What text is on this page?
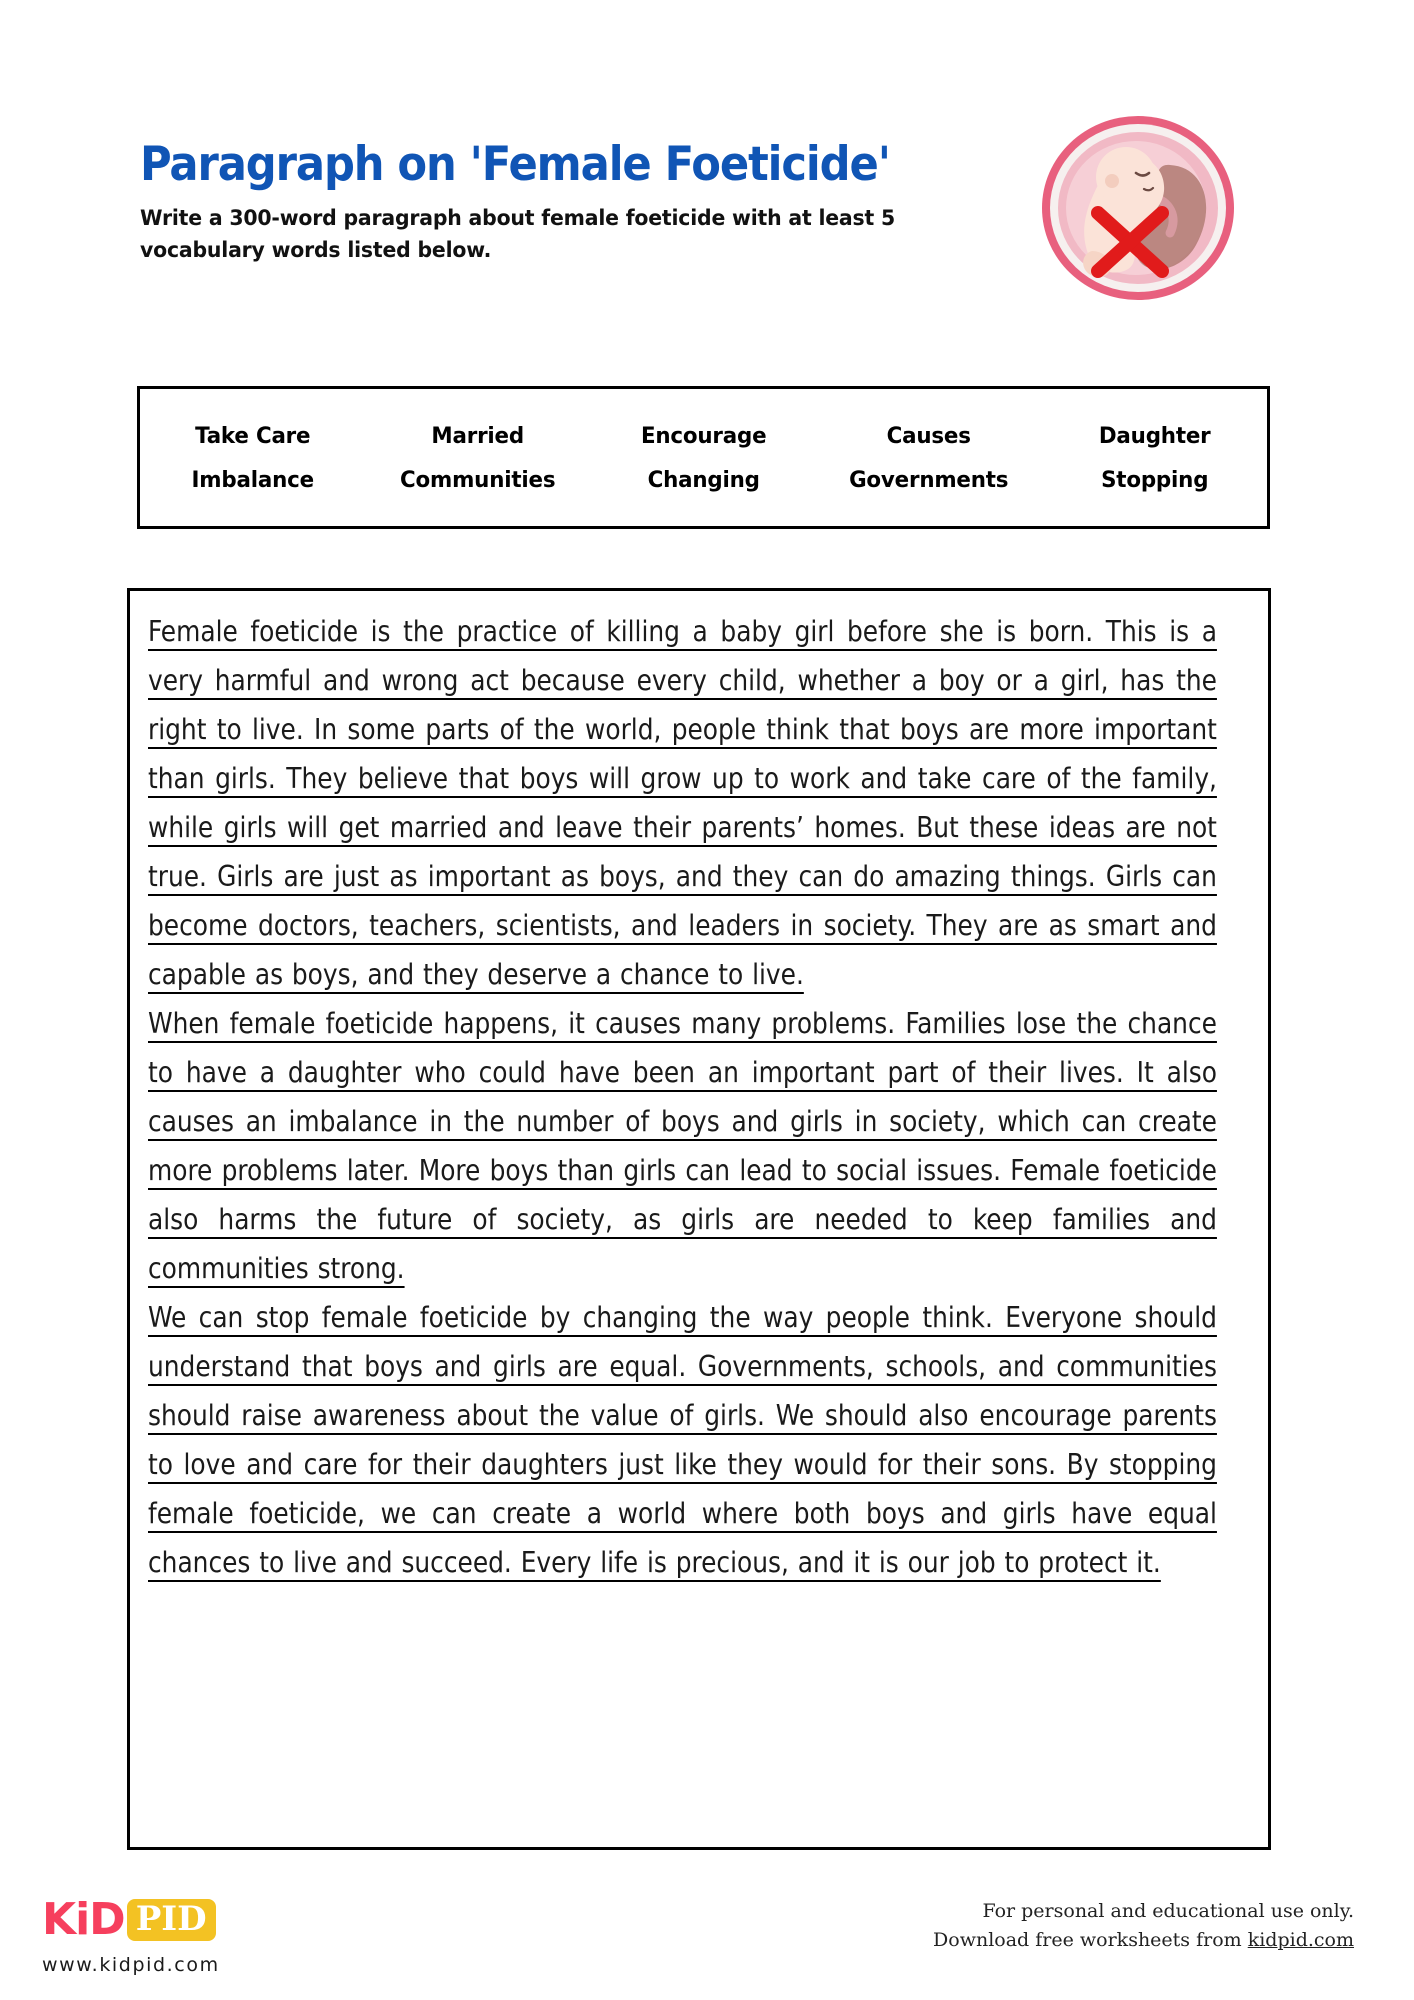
Paragraph on 'Female Foeticide'

Write a 300-word paragraph about female foeticide with at least 5 vocabulary words listed below.

Take Care	Married	Encourage	Causes	Daughter
Imbalance	Communities	Changing	Governments	Stopping

Female foeticide is the practice of killing a baby girl before she is born. This is a very harmful and wrong act because every child, whether a boy or a girl, has the right to live. In some parts of the world, people think that boys are more important than girls. They believe that boys will grow up to work and take care of the family, while girls will get married and leave their parents’ homes. But these ideas are not true. Girls are just as important as boys, and they can do amazing things. Girls can become doctors, teachers, scientists, and leaders in society. They are as smart and capable as boys, and they deserve a chance to live.

When female foeticide happens, it causes many problems. Families lose the chance to have a daughter who could have been an important part of their lives. It also causes an imbalance in the number of boys and girls in society, which can create more problems later. More boys than girls can lead to social issues. Female foeticide also harms the future of society, as girls are needed to keep families and communities strong.

We can stop female foeticide by changing the way people think. Everyone should understand that boys and girls are equal. Governments, schools, and communities should raise awareness about the value of girls. We should also encourage parents to love and care for their daughters just like they would for their sons. By stopping female foeticide, we can create a world where both boys and girls have equal chances to live and succeed. Every life is precious, and it is our job to protect it.

KiD PID
www.kidpid.com
For personal and educational use only.
Download free worksheets from kidpid.com
